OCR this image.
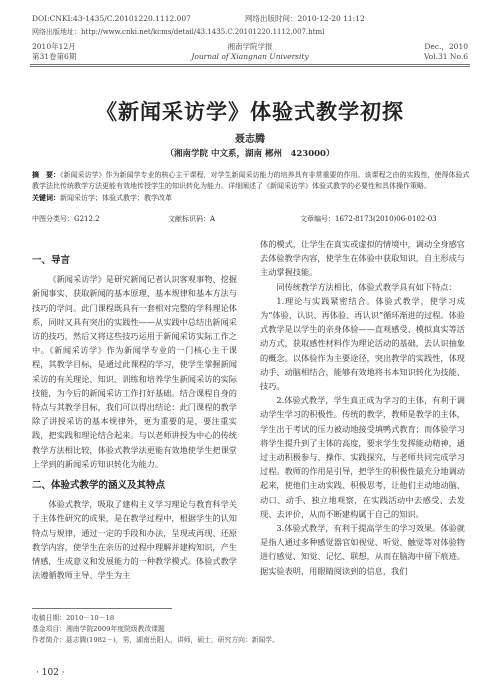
DOI:CNKI:43-1435/C.20101220.1112.007	网络出版时间：2010-12-20 11:12
网络出版地址：http://www.cnki.net/kcms/detail/43.1435.C.20101220.1112.007.html
2010年12月
第31卷第6期
湘南学院学报
Journal of Xiangnan University
Dec.，2010
Vol.31 No.6
《新闻采访学》体验式教学初探
聂志腾
（湘南学院 中文系，湖南 郴州　423000）
摘　要：《新闻采访学》作为新闻学专业的核心主干课程，对学生新闻采访能力的培养具有非常重要的作用。该课程之由的实践性，使得体验式教学法比传统教学方法更能有效地传授学生的知识转化为能力。详细阐述了《新闻采访学》体验式教学的必要性和具体操作策略。
关键词：新闻采访学；体验式教学；教学改革
中图分类号：G212.2	文献标识码：A	文章编号：1672-8173(2010)06-0102-03
一、导言

《新闻采访学》是研究新闻记者认识客观事物、挖掘新闻事实、获取新闻的基本原理、基本规律和基本方法与技巧的学问。此门课程既具有一套相对完整的学科理论体系，同时又具有突出的实践性——从实践中总结出新闻采访的技巧，然后又将这些技巧运用于新闻采访实际工作之中。《新闻采访学》作为新闻学专业的一门核心主干课程，其教学目标，是通过此课程的学习，使学生掌握新闻采访的有关理论、知识、训练和培养学生新闻采访的实际技能，为今后的新闻采访工作打好基础。结合课程自身的特点与其教学目标，我们可以得出结论：此门课程的教学除了讲授采访的基本规律外，更为重要的是，要注重实践，把实践和理论结合起来。与以老师讲授为中心的传统教学方法相比较，体验式教学法更能有效地使学生把课堂上学到的新闻采访知识转化为能力。

二、体验式教学的涵义及其特点

体验式教学，吸取了建构主义学习理论与教育科学关于主体性研究的成果，是在教学过程中，根据学生的认知特点与规律，通过一定的手段和办法，呈现或再现、还原教学内容，使学生在亲历的过程中理解并建构知识，产生情感，生成意义和发展能力的一种教学模式。体验式教学法遵循教师主导、学生为主

体的模式，让学生在真实或虚拟的情境中，调动全身感官去体验教学内容，使学生在体验中获取知识，自主形成与主动掌握技能。

同传统教学方法相比，体验式教学具有如下特点：

1.理论与实践紧密结合。体验式教学，使学习成为“体验、认识、再体验、再认识”循环渐进的过程。体验式教学是以学生的亲身体验——直观感受、模拟真实等活动方式，获取感性材料作为理论活动的基础，去认识抽象的概念。以体验作为主要途径，突出教学的实践性，体现动手、动脑相结合，能够有效地将书本知识转化为技能、技巧。

2.体验式教学，学生真正成为学习的主体，有利于调动学生学习的积极性。传统的教学，教师是教学的主体，学生出于考试的压力被动地接受填鸭式教育；而体验学习将学生提升到了主体的高度，要求学生发挥能动精神，通过主动积极参与、操作、实践探究，与老师共同完成学习过程。教师的作用是引导，把学生的积极性最充分地调动起来，使他们主动实践、积极思考，让他们主动地动脑、动口、动手、独立地观察，在实践活动中去感受、去发现、去评价，从而不断建构属于自己的知识。

3.体验式教学，有利于提高学生的学习效果。体验就是指人通过多种感觉器官如视觉、听觉、触觉等对体验物进行感觉、知觉、记忆、联想，从而在脑海中留下痕迹。据实验表明，用眼睛阅读到的信息，我们

收稿日期：2010－10－18
基金项目：湘南学院2009年度院级教改课题
作者简介：聂志腾(1982－)，男，湖南岳阳人，讲师，硕士，研究方向：新闻学。
· 102 ·
